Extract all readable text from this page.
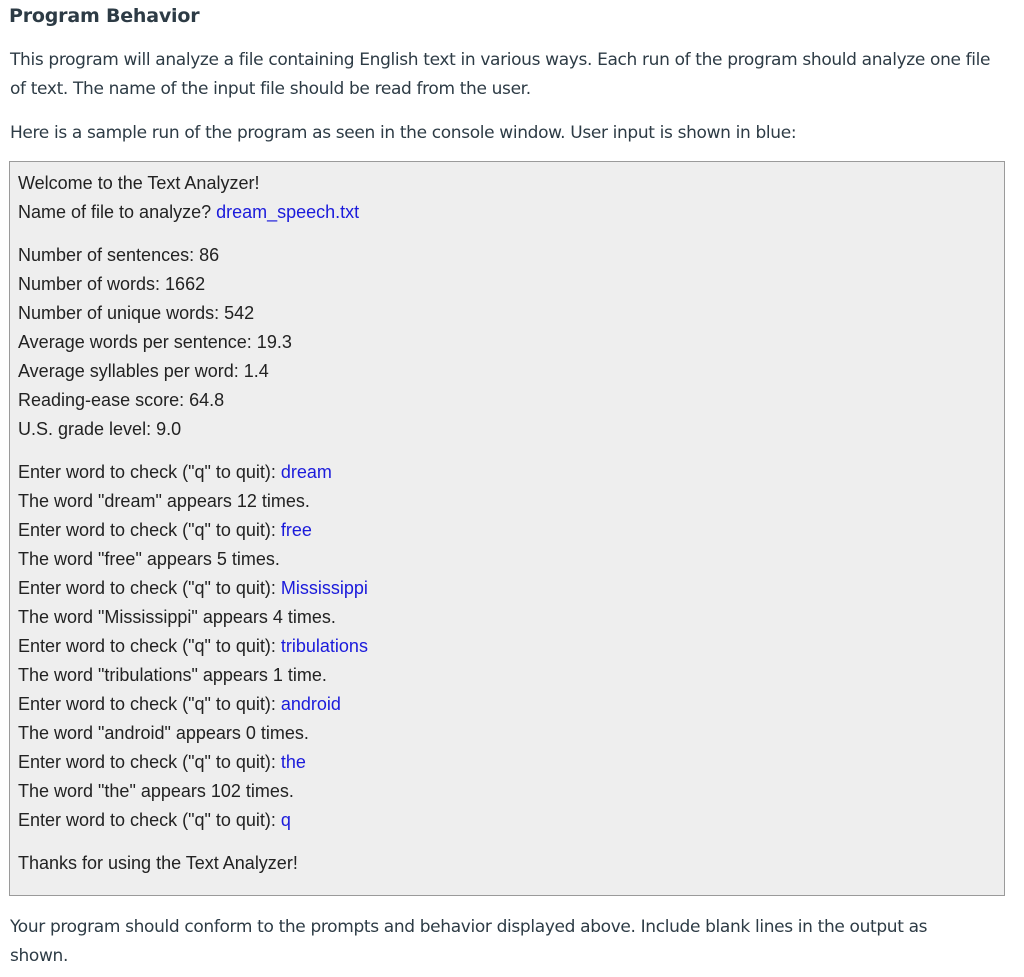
Program Behavior

This program will analyze a file containing English text in various ways. Each run of the program should analyze one file of text. The name of the input file should be read from the user.

Here is a sample run of the program as seen in the console window. User input is shown in blue:

Welcome to the Text Analyzer!
Name of file to analyze? dream_speech.txt
Number of sentences: 86
Number of words: 1662
Number of unique words: 542
Average words per sentence: 19.3
Average syllables per word: 1.4
Reading-ease score: 64.8
U.S. grade level: 9.0
Enter word to check ("q" to quit): dream
The word "dream" appears 12 times.
Enter word to check ("q" to quit): free
The word "free" appears 5 times.
Enter word to check ("q" to quit): Mississippi
The word "Mississippi" appears 4 times.
Enter word to check ("q" to quit): tribulations
The word "tribulations" appears 1 time.
Enter word to check ("q" to quit): android
The word "android" appears 0 times.
Enter word to check ("q" to quit): the
The word "the" appears 102 times.
Enter word to check ("q" to quit): q
Thanks for using the Text Analyzer!

Your program should conform to the prompts and behavior displayed above. Include blank lines in the output as shown.
